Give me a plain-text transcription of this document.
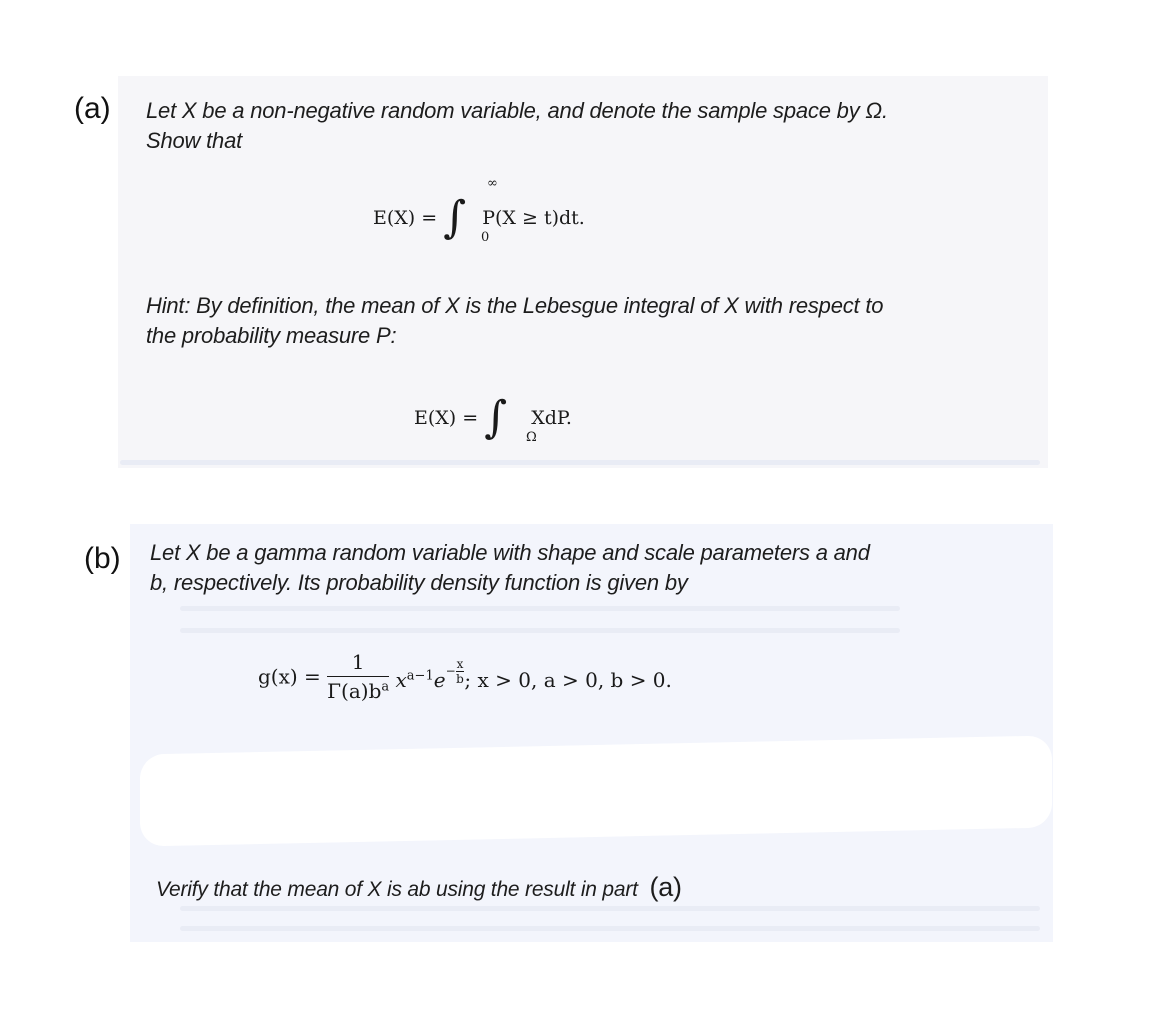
(a) Let X be a non-negative random variable, and denote the sample space by Ω.
Show that
E(X) = ∫
∞
0
P(X ≥ t)dt.
Hint: By definition, the mean of X is the Lebesgue integral of X with respect to
the probability measure P:
E(X) = ∫ Ω
XdP.
(b) Let X be a gamma random variable with shape and scale parameters a and
b, respectively. Its probability density function is given by
$g(x) = \frac{1}{\Gamma(a)b^a} x^{a-1}e^{- \frac{x}{b}}$ ; x > 0, a > 0, b > 0.
Verify that the mean of X is ab using the result in part (a)
